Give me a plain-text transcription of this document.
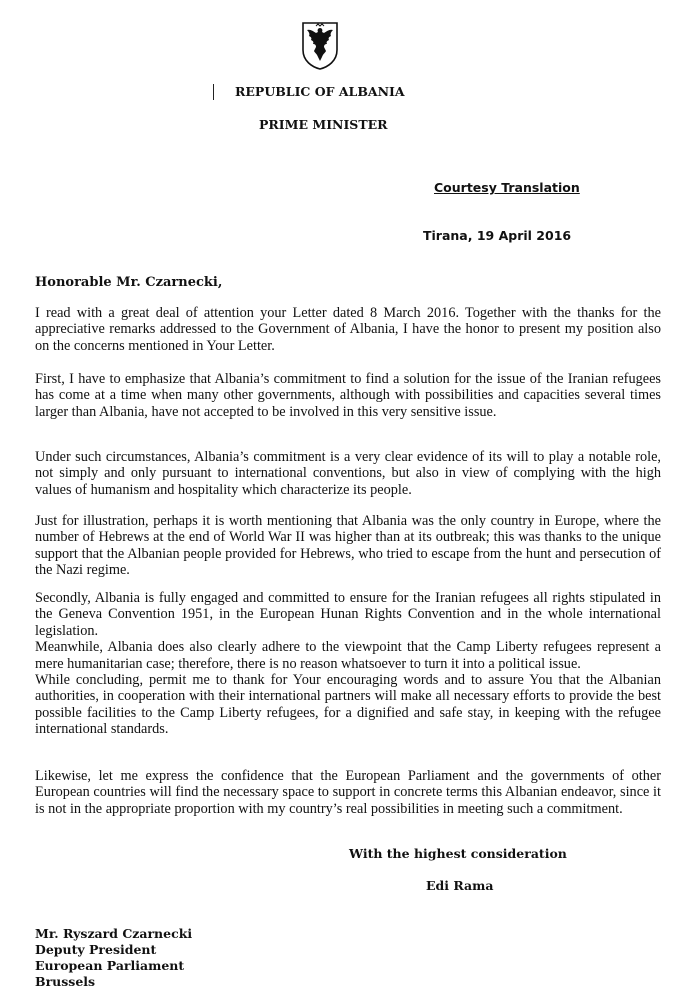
REPUBLIC OF ALBANIA
PRIME MINISTER
Courtesy Translation
Tirana, 19 April 2016
Honorable Mr. Czarnecki,
I read with a great deal of attention your Letter dated 8 March 2016. Together with the thanks for the appreciative remarks addressed to the Government of Albania, I have the honor to present my position also on the concerns mentioned in Your Letter.
First, I have to emphasize that Albania’s commitment to find a solution for the issue of the Iranian refugees has come at a time when many other governments, although with possibilities and capacities several times larger than Albania, have not accepted to be involved in this very sensitive issue.
Under such circumstances, Albania’s commitment is a very clear evidence of its will to play a notable role, not simply and only pursuant to international conventions, but also in view of complying with the high values of humanism and hospitality which characterize its people.
Just for illustration, perhaps it is worth mentioning that Albania was the only country in Europe, where the number of Hebrews at the end of World War II was higher than at its outbreak; this was thanks to the unique support that the Albanian people provided for Hebrews, who tried to escape from the hunt and persecution of the Nazi regime.
Secondly, Albania is fully engaged and committed to ensure for the Iranian refugees all rights stipulated in the Geneva Convention 1951, in the European Hunan Rights Convention and in the whole international legislation.
Meanwhile, Albania does also clearly adhere to the viewpoint that the Camp Liberty refugees represent a mere humanitarian case; therefore, there is no reason whatsoever to turn it into a political issue.
While concluding, permit me to thank for Your encouraging words and to assure You that the Albanian authorities, in cooperation with their international partners will make all necessary efforts to provide the best possible facilities to the Camp Liberty refugees, for a dignified and safe stay, in keeping with the refugee international standards.
Likewise, let me express the confidence that the European Parliament and the governments of other European countries will find the necessary space to support in concrete terms this Albanian endeavor, since it is not in the appropriate proportion with my country’s real possibilities in meeting such a commitment.
With the highest consideration
Edi Rama
Mr. Ryszard Czarnecki
Deputy President
European Parliament
Brussels
